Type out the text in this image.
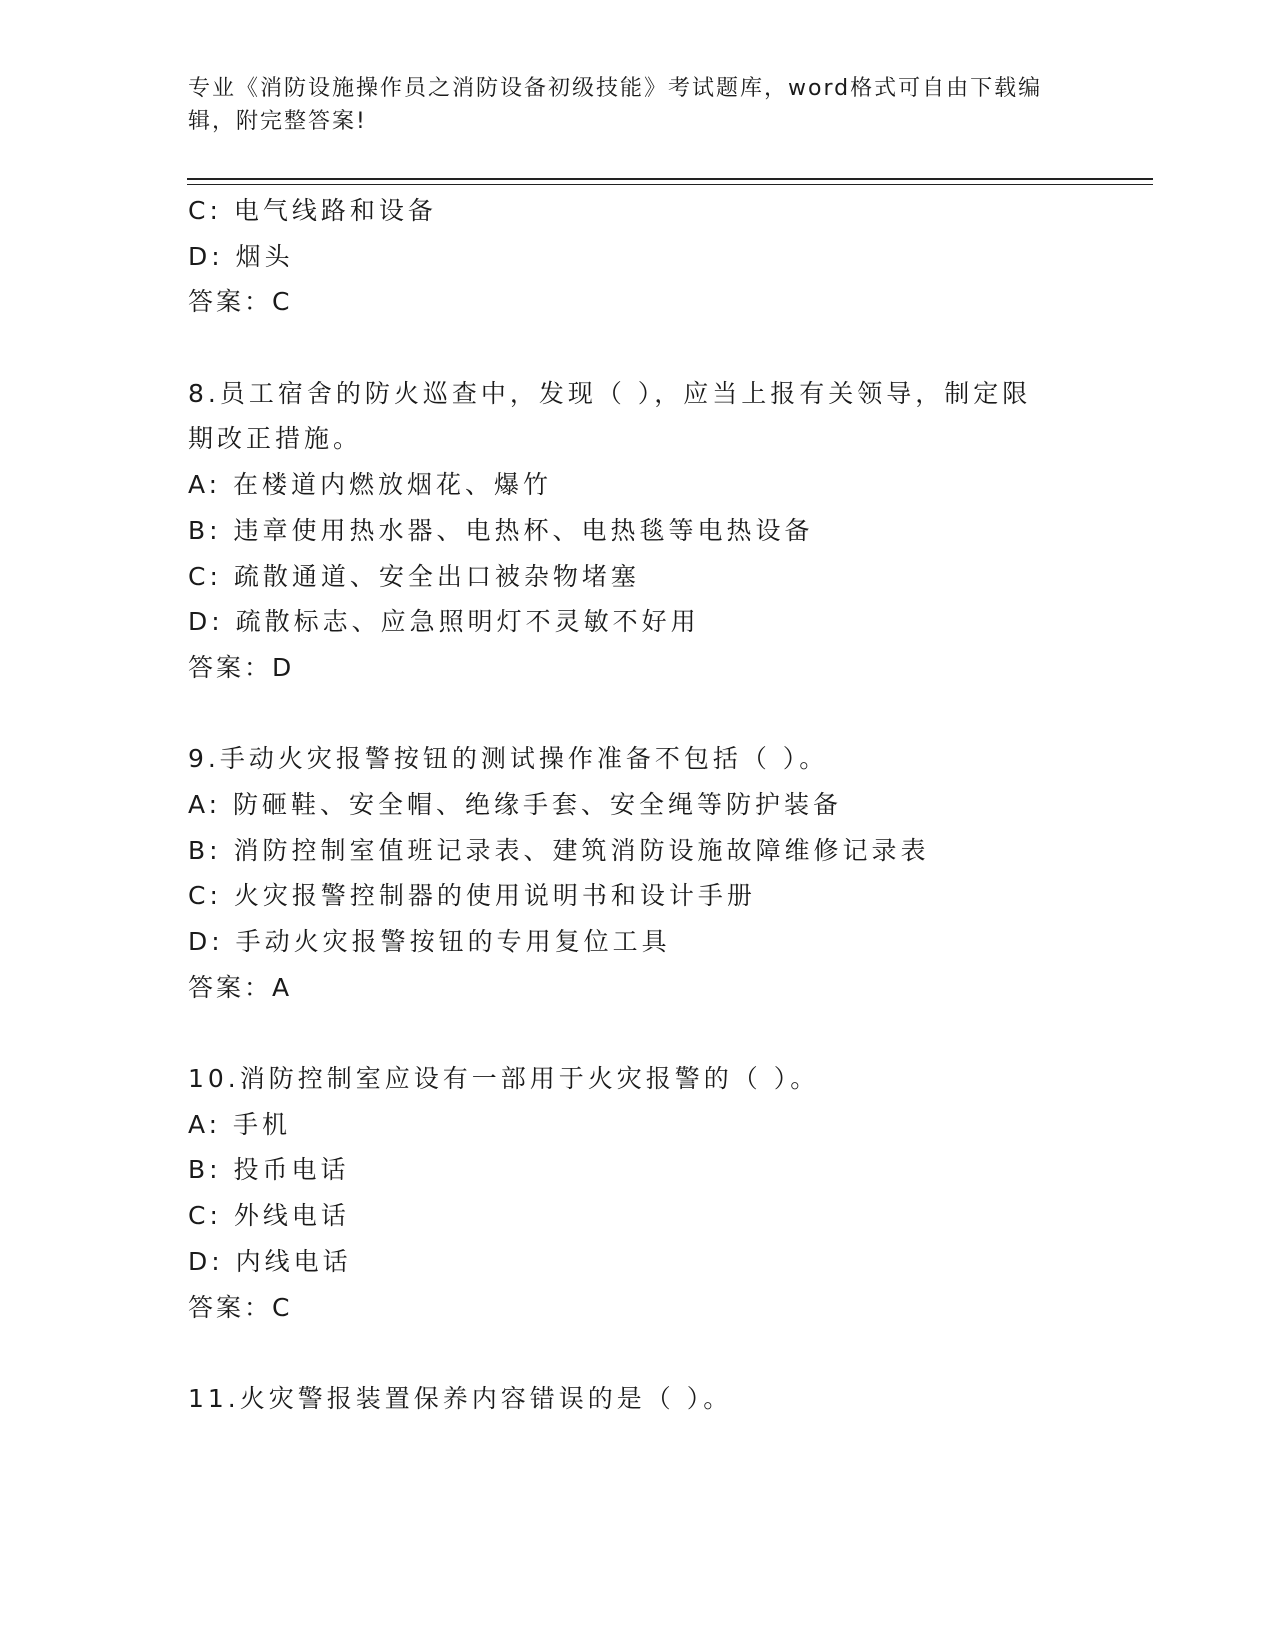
专业《消防设施操作员之消防设备初级技能》考试题库，word格式可自由下载编辑，附完整答案!
C: 电气线路和设备
D: 烟头
答案：C
8.员工宿舍的防火巡查中，发现（ ），应当上报有关领导，制定限
期改正措施。
A: 在楼道内燃放烟花、爆竹
B: 违章使用热水器、电热杯、电热毯等电热设备
C: 疏散通道、安全出口被杂物堵塞
D: 疏散标志、应急照明灯不灵敏不好用
答案：D
9.手动火灾报警按钮的测试操作准备不包括（ ）。
A: 防砸鞋、安全帽、绝缘手套、安全绳等防护装备
B: 消防控制室值班记录表、建筑消防设施故障维修记录表
C: 火灾报警控制器的使用说明书和设计手册
D: 手动火灾报警按钮的专用复位工具
答案：A
10.消防控制室应设有一部用于火灾报警的（ ）。
A: 手机
B: 投币电话
C: 外线电话
D: 内线电话
答案：C
11.火灾警报装置保养内容错误的是（ ）。
